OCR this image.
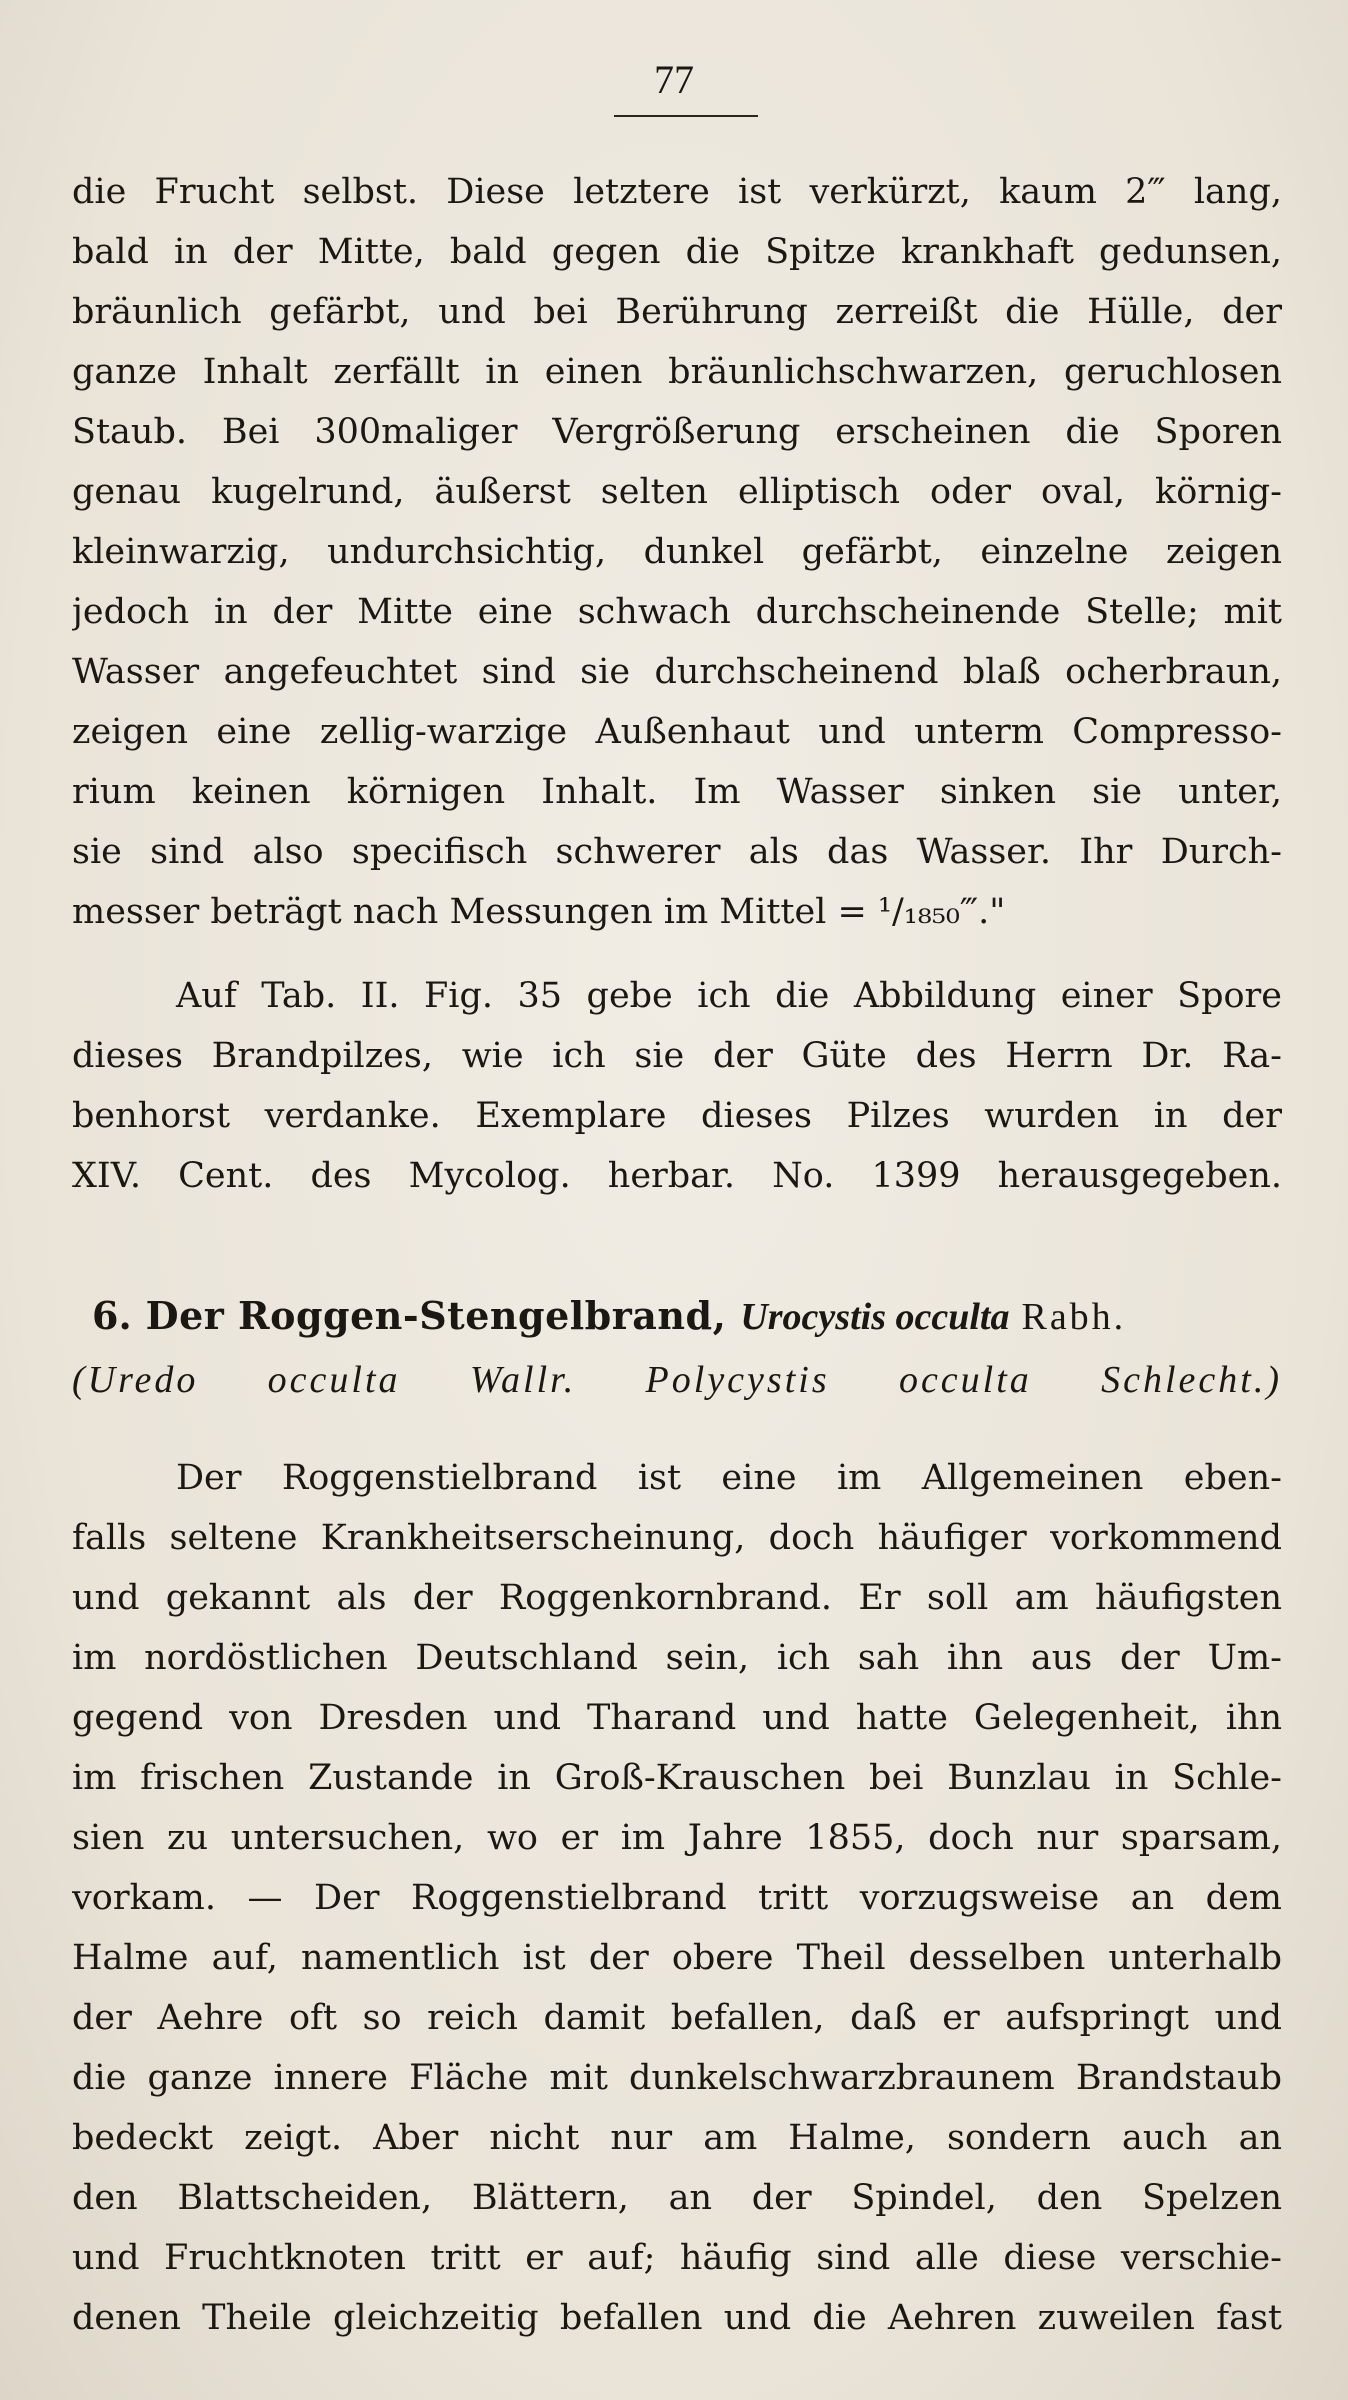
77
die Frucht selbst. Diese letztere ist verkürzt, kaum 2‴ lang,
bald in der Mitte, bald gegen die Spitze krankhaft gedunsen,
bräunlich gefärbt, und bei Berührung zerreißt die Hülle, der
ganze Inhalt zerfällt in einen bräunlichschwarzen, geruchlosen
Staub. Bei 300maliger Vergrößerung erscheinen die Sporen
genau kugelrund, äußerst selten elliptisch oder oval, körnig-
kleinwarzig, undurchsichtig, dunkel gefärbt, einzelne zeigen
jedoch in der Mitte eine schwach durchscheinende Stelle; mit
Wasser angefeuchtet sind sie durchscheinend blaß ocherbraun,
zeigen eine zellig-warzige Außenhaut und unterm Compresso-
rium keinen körnigen Inhalt. Im Wasser sinken sie unter,
sie sind also specifisch schwerer als das Wasser. Ihr Durch-
messer beträgt nach Messungen im Mittel = ¹/₁₈₅₀‴."
Auf Tab. II. Fig. 35 gebe ich die Abbildung einer Spore
dieses Brandpilzes, wie ich sie der Güte des Herrn Dr. Ra-
benhorst verdanke. Exemplare dieses Pilzes wurden in der
XIV. Cent. des Mycolog. herbar. No. 1399 herausgegeben.
6. Der Roggen-Stengelbrand, Urocystis occulta Rabh.
(Uredo occulta Wallr. Polycystis occulta Schlecht.)
Der Roggenstielbrand ist eine im Allgemeinen eben-
falls seltene Krankheitserscheinung, doch häufiger vorkommend
und gekannt als der Roggenkornbrand. Er soll am häufigsten
im nordöstlichen Deutschland sein, ich sah ihn aus der Um-
gegend von Dresden und Tharand und hatte Gelegenheit, ihn
im frischen Zustande in Groß-Krauschen bei Bunzlau in Schle-
sien zu untersuchen, wo er im Jahre 1855, doch nur sparsam,
vorkam. — Der Roggenstielbrand tritt vorzugsweise an dem
Halme auf, namentlich ist der obere Theil desselben unterhalb
der Aehre oft so reich damit befallen, daß er aufspringt und
die ganze innere Fläche mit dunkelschwarzbraunem Brandstaub
bedeckt zeigt. Aber nicht nur am Halme, sondern auch an
den Blattscheiden, Blättern, an der Spindel, den Spelzen
und Fruchtknoten tritt er auf; häufig sind alle diese verschie-
denen Theile gleichzeitig befallen und die Aehren zuweilen fast
